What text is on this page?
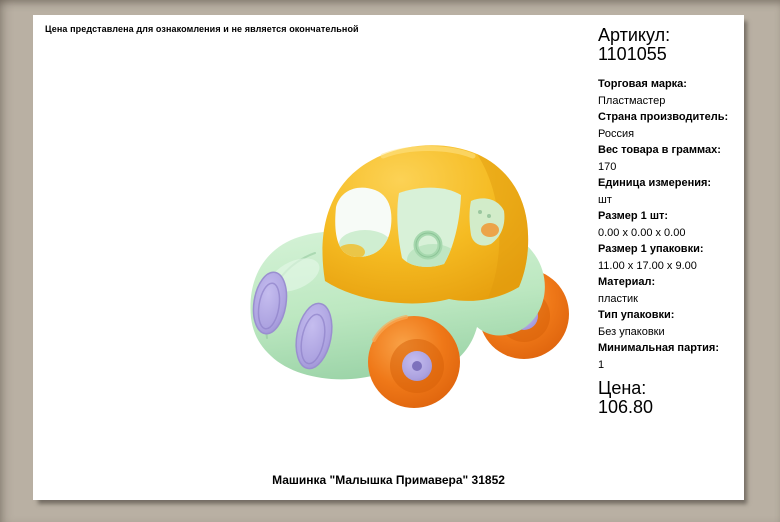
Цена представлена для ознакомления и не является окончательной	Артикул:
1101055
Торговая марка:
Пластмастер
Страна производитель:
Россия
Вес товара в граммах:
170
Единица измерения:
шт
Размер 1 шт:
0.00 x 0.00 x 0.00
Размер 1 упаковки:
11.00 x 17.00 x 9.00
Материал:
пластик
Тип упаковки:
Без упаковки
Минимальная партия:
1
Цена:
106.80
Машинка "Малышка Примавера" 31852
